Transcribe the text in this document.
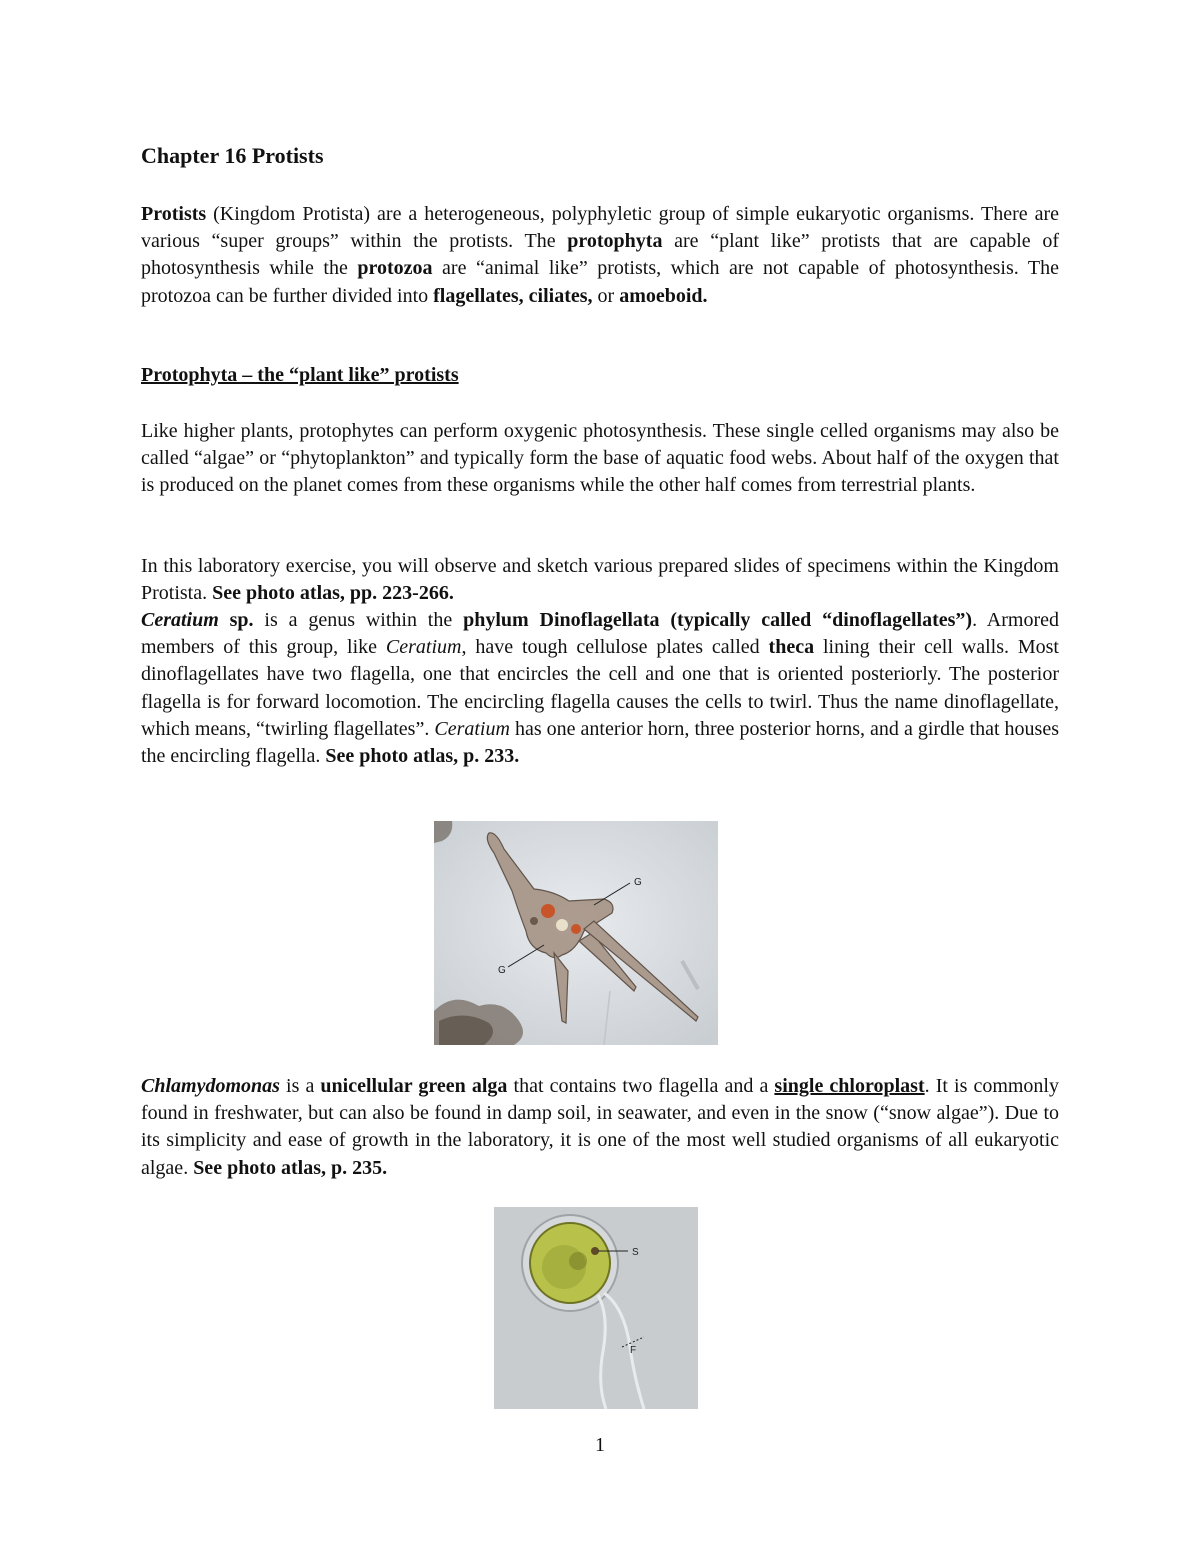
Chapter 16 Protists

Protists (Kingdom Protista) are a heterogeneous, polyphyletic group of simple eukaryotic organisms. There are various “super groups” within the protists. The protophyta are “plant like” protists that are capable of photosynthesis while the protozoa are “animal like” protists, which are not capable of photosynthesis. The protozoa can be further divided into flagellates, ciliates, or amoeboid.

Protophyta – the “plant like” protists

Like higher plants, protophytes can perform oxygenic photosynthesis. These single celled organisms may also be called “algae” or “phytoplankton” and typically form the base of aquatic food webs. About half of the oxygen that is produced on the planet comes from these organisms while the other half comes from terrestrial plants.

In this laboratory exercise, you will observe and sketch various prepared slides of specimens within the Kingdom Protista. See photo atlas, pp. 223-266.

Ceratium sp. is a genus within the phylum Dinoflagellata (typically called “dinoflagellates”). Armored members of this group, like Ceratium, have tough cellulose plates called theca lining their cell walls. Most dinoflagellates have two flagella, one that encircles the cell and one that is oriented posteriorly. The posterior flagella is for forward locomotion. The encircling flagella causes the cells to twirl. Thus the name dinoflagellate, which means, “twirling flagellates”. Ceratium has one anterior horn, three posterior horns, and a girdle that houses the encircling flagella. See photo atlas, p. 233.

Chlamydomonas is a unicellular green alga that contains two flagella and a single chloroplast. It is commonly found in freshwater, but can also be found in damp soil, in seawater, and even in the snow (“snow algae”). Due to its simplicity and ease of growth in the laboratory, it is one of the most well studied organisms of all eukaryotic algae. See photo atlas, p. 235.

G
G
S
F
1
